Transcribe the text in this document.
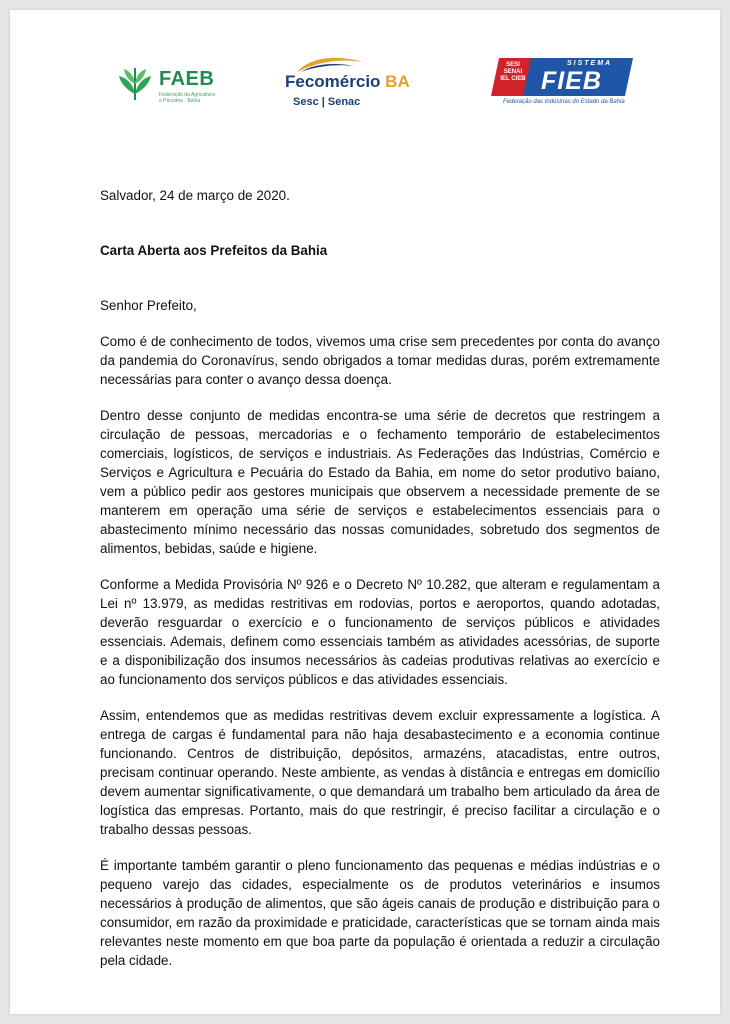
FAEB
Federação da Agricultura e Pecuária · Bahia
Fecomércio BA
Sesc | Senac
SESI SENAI IEL CIEB
SISTEMA
FIEB
Federação das Indústrias do Estado da Bahia

Salvador, 24 de março de 2020.

Carta Aberta aos Prefeitos da Bahia

Senhor Prefeito,

Como é de conhecimento de todos, vivemos uma crise sem precedentes por conta do avanço da pandemia do Coronavírus, sendo obrigados a tomar medidas duras, porém extremamente necessárias para conter o avanço dessa doença.

Dentro desse conjunto de medidas encontra-se uma série de decretos que restringem a circulação de pessoas, mercadorias e o fechamento temporário de estabelecimentos comerciais, logísticos, de serviços e industriais. As Federações das Indústrias, Comércio e Serviços e Agricultura e Pecuária do Estado da Bahia, em nome do setor produtivo baiano, vem a público pedir aos gestores municipais que observem a necessidade premente de se manterem em operação uma série de serviços e estabelecimentos essenciais para o abastecimento mínimo necessário das nossas comunidades, sobretudo dos segmentos de alimentos, bebidas, saúde e higiene.

Conforme a Medida Provisória Nº 926 e o Decreto Nº 10.282, que alteram e regulamentam a Lei nº 13.979, as medidas restritivas em rodovias, portos e aeroportos, quando adotadas, deverão resguardar o exercício e o funcionamento de serviços públicos e atividades essenciais. Ademais, definem como essenciais também as atividades acessórias, de suporte e a disponibilização dos insumos necessários às cadeias produtivas relativas ao exercício e ao funcionamento dos serviços públicos e das atividades essenciais.

Assim, entendemos que as medidas restritivas devem excluir expressamente a logística. A entrega de cargas é fundamental para não haja desabastecimento e a economia continue funcionando. Centros de distribuição, depósitos, armazéns, atacadistas, entre outros, precisam continuar operando. Neste ambiente, as vendas à distância e entregas em domicílio devem aumentar significativamente, o que demandará um trabalho bem articulado da área de logística das empresas. Portanto, mais do que restringir, é preciso facilitar a circulação e o trabalho dessas pessoas.

É importante também garantir o pleno funcionamento das pequenas e médias indústrias e o pequeno varejo das cidades, especialmente os de produtos veterinários e insumos necessários à produção de alimentos, que são ágeis canais de produção e distribuição para o consumidor, em razão da proximidade e praticidade, características que se tornam ainda mais relevantes neste momento em que boa parte da população é orientada a reduzir a circulação pela cidade.
